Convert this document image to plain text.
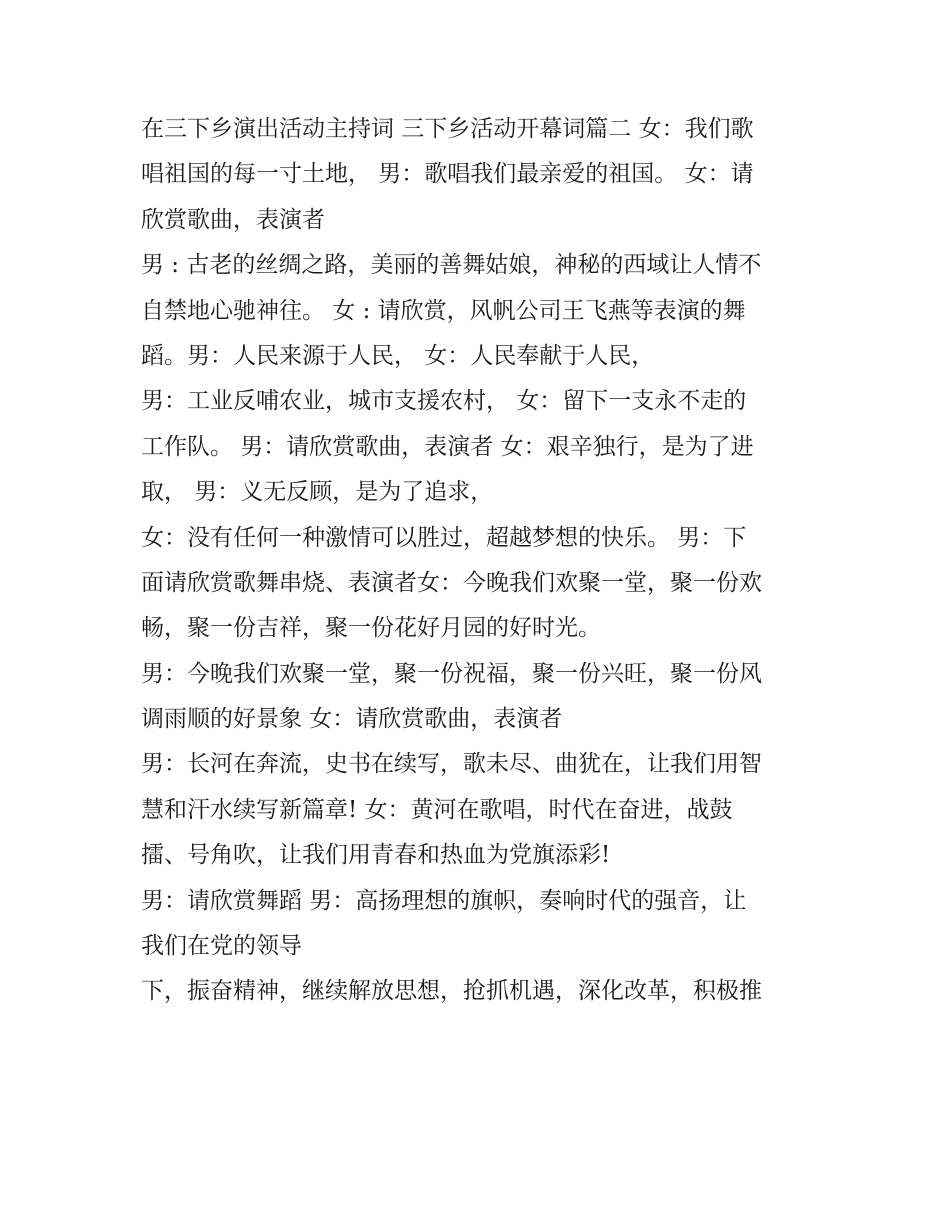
在三下乡演出活动主持词 三下乡活动开幕词篇二 女：我们歌
唱祖国的每一寸土地， 男：歌唱我们最亲爱的祖国。 女：请
欣赏歌曲，表演者
男 : 古老的丝绸之路，美丽的善舞姑娘，神秘的西域让人情不
自禁地心驰神往。 女 : 请欣赏，风帆公司王飞燕等表演的舞
蹈。男：人民来源于人民， 女：人民奉献于人民，
男：工业反哺农业，城市支援农村， 女：留下一支永不走的
工作队。 男：请欣赏歌曲，表演者 女：艰辛独行，是为了进
取， 男：义无反顾，是为了追求，
女：没有任何一种激情可以胜过，超越梦想的快乐。 男：下
面请欣赏歌舞串烧、表演者女：今晚我们欢聚一堂，聚一份欢
畅，聚一份吉祥，聚一份花好月园的好时光。
男：今晚我们欢聚一堂，聚一份祝福，聚一份兴旺，聚一份风
调雨顺的好景象 女：请欣赏歌曲，表演者
男：长河在奔流，史书在续写，歌未尽、曲犹在，让我们用智
慧和汗水续写新篇章! 女：黄河在歌唱，时代在奋进，战鼓
擂、号角吹，让我们用青春和热血为党旗添彩!
男：请欣赏舞蹈 男：高扬理想的旗帜，奏响时代的强音，让
我们在党的领导
下，振奋精神，继续解放思想，抢抓机遇，深化改革，积极推
